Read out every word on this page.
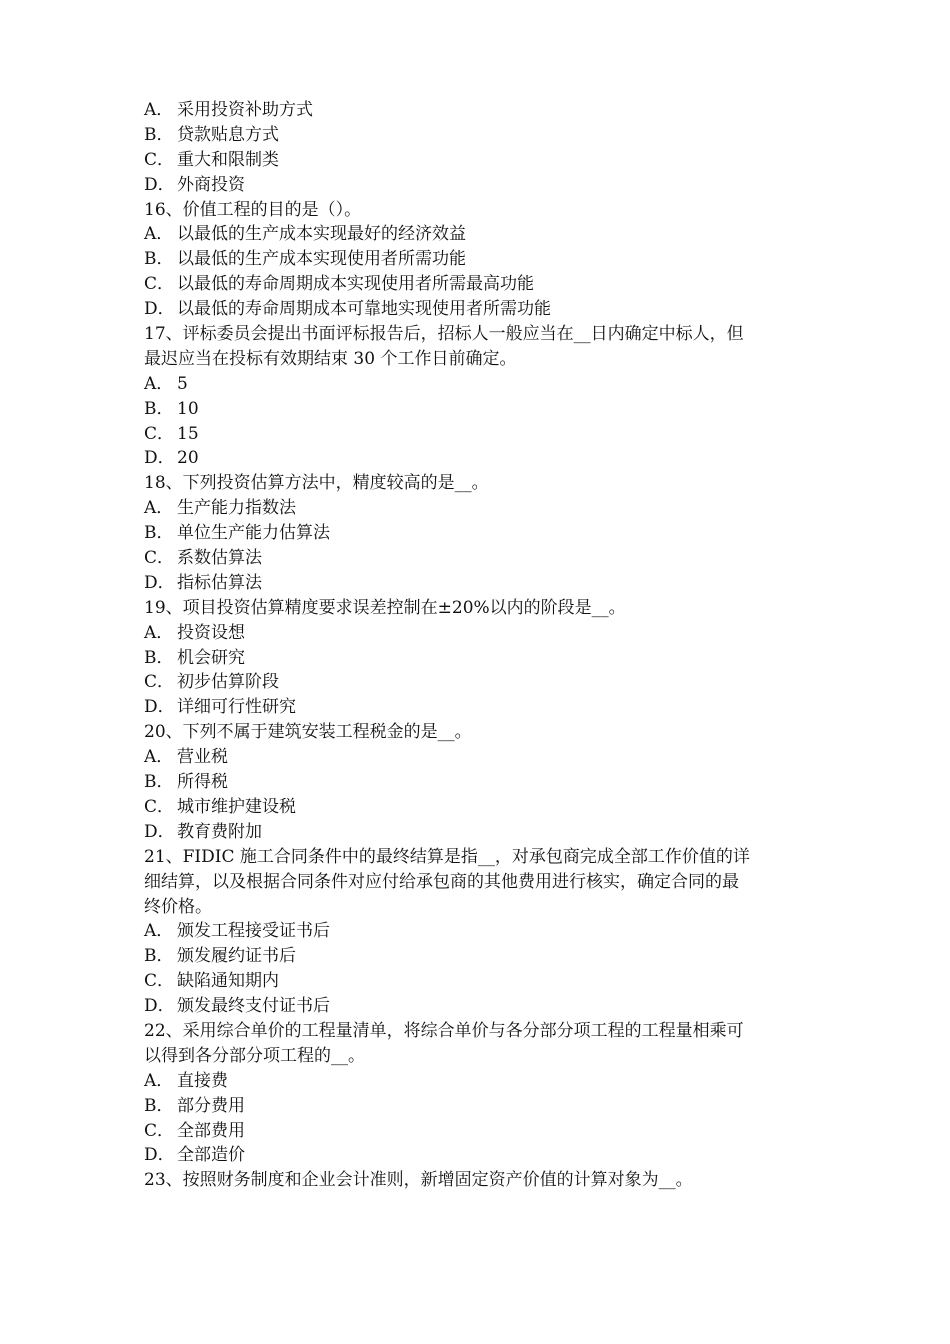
A． 采用投资补助方式
B． 贷款贴息方式
C． 重大和限制类
D． 外商投资
16、价值工程的目的是（）。
A． 以最低的生产成本实现最好的经济效益
B． 以最低的生产成本实现使用者所需功能
C． 以最低的寿命周期成本实现使用者所需最高功能
D． 以最低的寿命周期成本可靠地实现使用者所需功能
17、评标委员会提出书面评标报告后，招标人一般应当在__日内确定中标人，但
最迟应当在投标有效期结束 30 个工作日前确定。
A． 5
B． 10
C． 15
D． 20
18、下列投资估算方法中，精度较高的是__。
A． 生产能力指数法
B． 单位生产能力估算法
C． 系数估算法
D． 指标估算法
19、项目投资估算精度要求误差控制在±20%以内的阶段是__。
A． 投资设想
B． 机会研究
C． 初步估算阶段
D． 详细可行性研究
20、下列不属于建筑安装工程税金的是__。
A． 营业税
B． 所得税
C． 城市维护建设税
D． 教育费附加
21、FIDIC 施工合同条件中的最终结算是指__，对承包商完成全部工作价值的详
细结算，以及根据合同条件对应付给承包商的其他费用进行核实，确定合同的最
终价格。
A． 颁发工程接受证书后
B． 颁发履约证书后
C． 缺陷通知期内
D． 颁发最终支付证书后
22、采用综合单价的工程量清单，将综合单价与各分部分项工程的工程量相乘可
以得到各分部分项工程的__。
A． 直接费
B． 部分费用
C． 全部费用
D． 全部造价
23、按照财务制度和企业会计准则，新增固定资产价值的计算对象为__。
